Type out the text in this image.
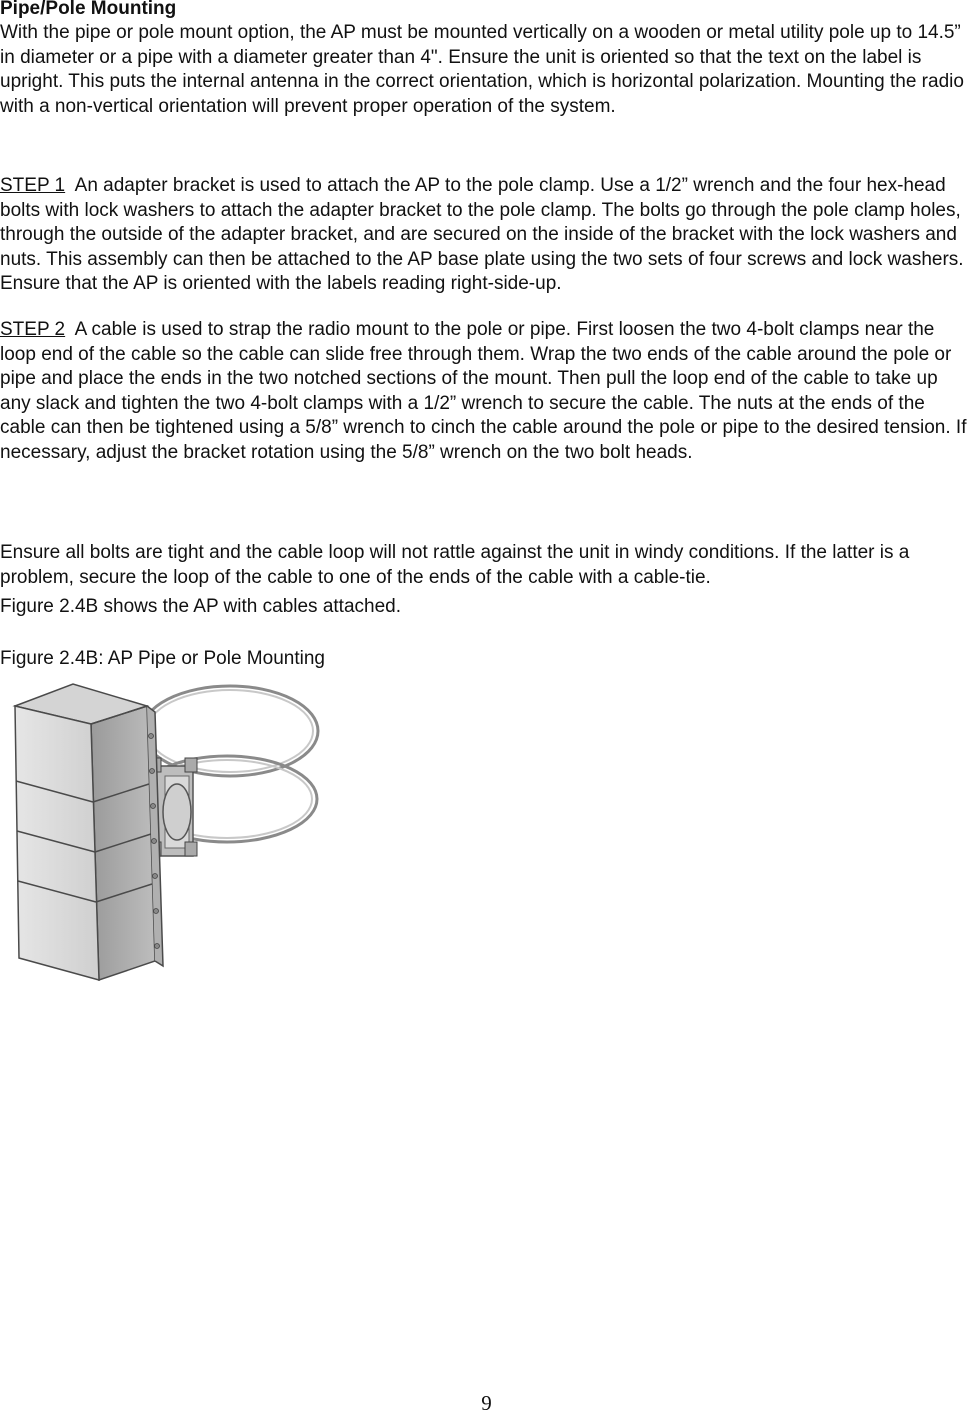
Pipe/Pole Mounting

With the pipe or pole mount option, the AP must be mounted vertically on a wooden or metal utility pole up to 14.5” in diameter or a pipe with a diameter greater than 4". Ensure the unit is oriented so that the text on the label is upright. This puts the internal antenna in the correct orientation, which is horizontal polarization. Mounting the radio with a non-vertical orientation will prevent proper operation of the system.

STEP 1 An adapter bracket is used to attach the AP to the pole clamp. Use a 1/2” wrench and the four hex-head bolts with lock washers to attach the adapter bracket to the pole clamp. The bolts go through the pole clamp holes, through the outside of the adapter bracket, and are secured on the inside of the bracket with the lock washers and nuts. This assembly can then be attached to the AP base plate using the two sets of four screws and lock washers. Ensure that the AP is oriented with the labels reading right-side-up.

STEP 2 A cable is used to strap the radio mount to the pole or pipe. First loosen the two 4-bolt clamps near the loop end of the cable so the cable can slide free through them. Wrap the two ends of the cable around the pole or pipe and place the ends in the two notched sections of the mount. Then pull the loop end of the cable to take up any slack and tighten the two 4-bolt clamps with a 1/2” wrench to secure the cable. The nuts at the ends of the cable can then be tightened using a 5/8” wrench to cinch the cable around the pole or pipe to the desired tension. If necessary, adjust the bracket rotation using the 5/8” wrench on the two bolt heads.

Ensure all bolts are tight and the cable loop will not rattle against the unit in windy conditions. If the latter is a problem, secure the loop of the cable to one of the ends of the cable with a cable-tie.

Figure 2.4B shows the AP with cables attached.

Figure 2.4B: AP Pipe or Pole Mounting

9
